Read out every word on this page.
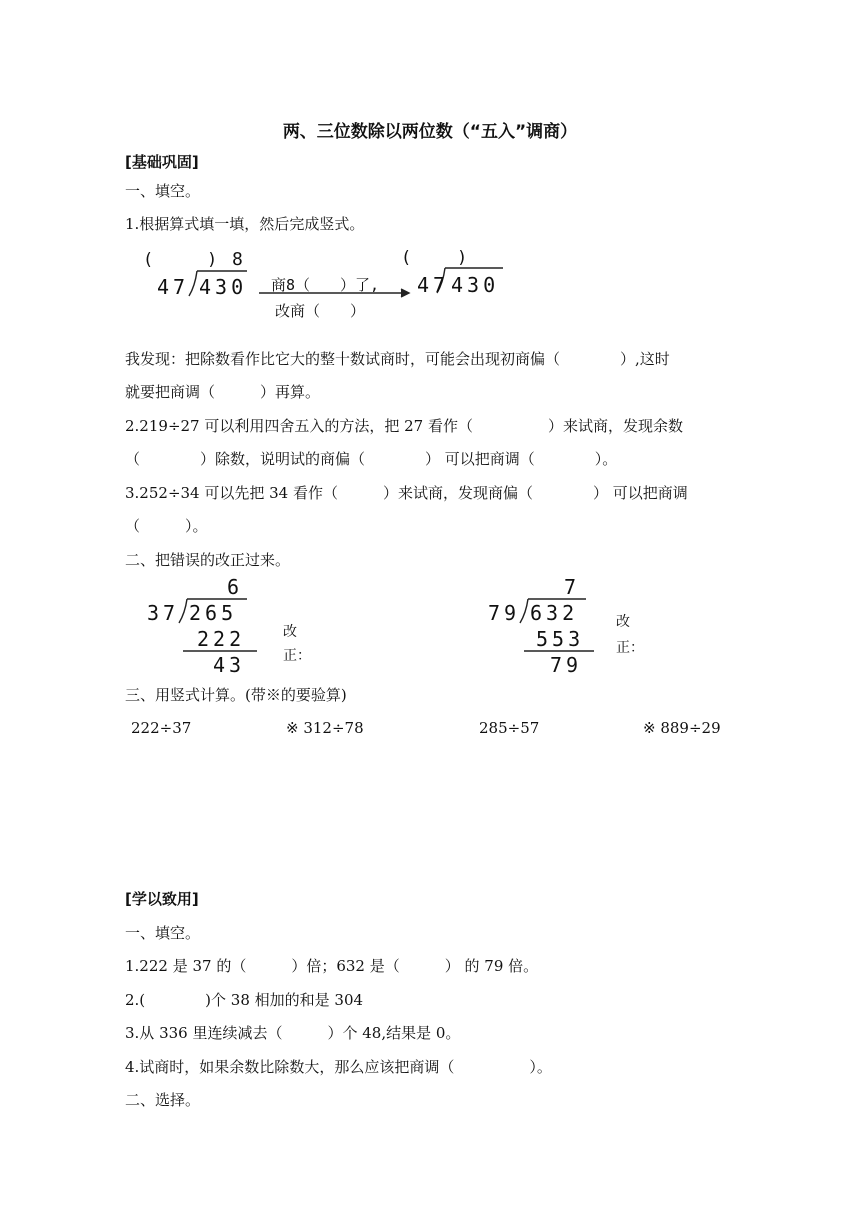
两、三位数除以两位数（“五入”调商）
[基础巩固]
一、填空。
1.根据算式填一填，然后完成竖式。
(	) 8
47 430 商8（　　）了,
改商（　　）
(	)
47 430
我发现：把除数看作比它大的整十数试商时，可能会出现初商偏（　　　　）,这时
就要把商调（　　　）再算。
2.219÷27 可以利用四舍五入的方法，把 27 看作（　　　　　）来试商，发现余数
（　　　　）除数，说明试的商偏（　　　　） 可以把商调（　　　　）。
3.252÷34 可以先把 34 看作（　　　）来试商，发现商偏（　　　　） 可以把商调
（　　　）。
二、把错误的改正过来。
6
37 265
222
43
改
正：
7
79 632
553
79
改
正：
三、用竖式计算。(带※的要验算)
222÷37	※ 312÷78	285÷57	※ 889÷29
[学以致用]
一、填空。
1.222 是 37 的（　　　）倍；632 是（　　　） 的 79 倍。
2.(　　　　)个 38 相加的和是 304
3.从 336 里连续减去（　　　）个 48,结果是 0。
4.试商时，如果余数比除数大，那么应该把商调（　　　　　）。
二、选择。
